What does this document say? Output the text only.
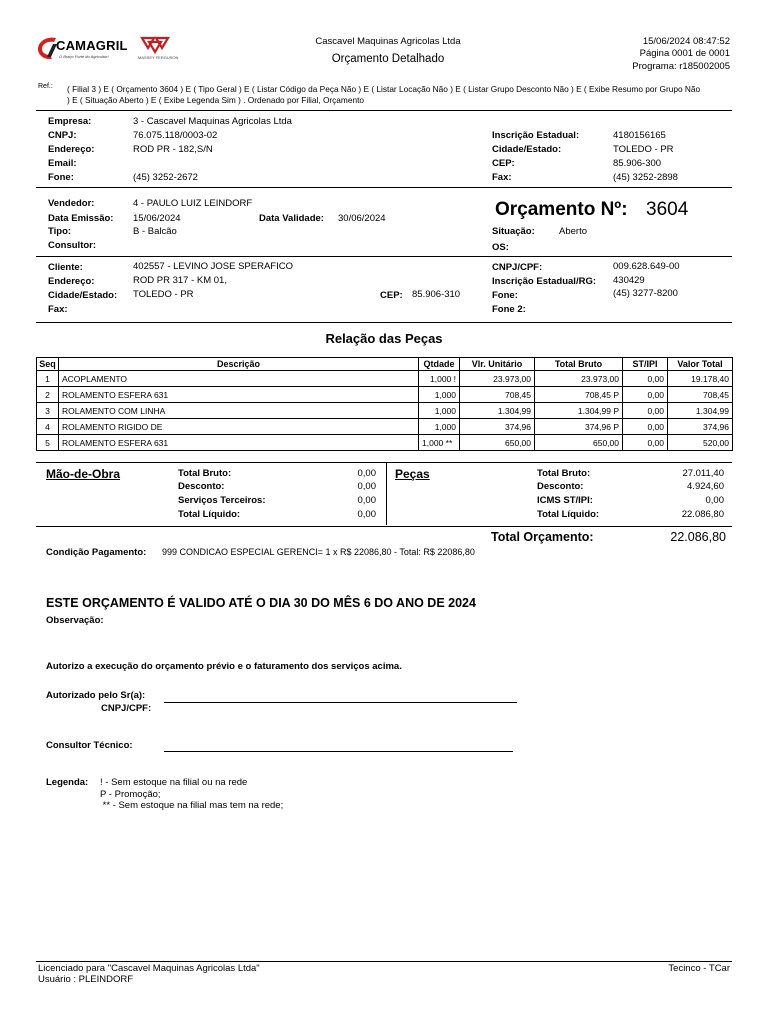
CAMAGRIL
O Braço Forte do Agricultor!	MASSEY FERGUSON
Cascavel Maquinas Agricolas Ltda
Orçamento Detalhado
15/06/2024 08:47:52
Página 0001 de 0001
Programa: r185002005
Ref.: ( Filial 3 ) E ( Orçamento 3604 ) E ( Tipo Geral ) E ( Listar Código da Peça Não ) E ( Listar Locação Não ) E ( Listar Grupo Desconto Não ) E ( Exibe Resumo por Grupo Não
) E ( Situação Aberto ) E ( Exibe Legenda Sim ) . Ordenado por Filial, Orçamento
Empresa:	3 - Cascavel Maquinas Agricolas Ltda
CNPJ:	76.075.118/0003-02
Endereço:	ROD PR - 182,S/N
Email:
Fone:	(45) 3252-2672
Inscrição Estadual:	4180156165
Cidade/Estado:	TOLEDO - PR
CEP:	85.906-300
Fax:	(45) 3252-2898
Vendedor:	4 - PAULO LUIZ LEINDORF
Data Emissão: 15/06/2024	Data Validade: 30/06/2024
Tipo:	B - Balcão
Consultor:
Orçamento Nº: 3604
Situação:	Aberto
OS:
Cliente:	402557 - LEVINO JOSE SPERAFICO
Endereço:	ROD PR 317 - KM 01,
Cidade/Estado: TOLEDO - PR
Fax:
CEP: 85.906-310
CNPJ/CPF:	009.628.649-00
Inscrição Estadual/RG: 430429
Fone:	(45) 3277-8200
Fone 2:
Relação das Peças
Seq	Descrição	Qtdade	Vlr. Unitário	Total Bruto	ST/IPI	Valor Total
1	ACOPLAMENTO	1,000 !	23.973,00	23.973,00	0,00	19.178,40
2	ROLAMENTO ESFERA 631	1,000	708,45	708,45 P	0,00	708,45
3	ROLAMENTO COM LINHA	1,000	1.304,99	1.304,99 P	0,00	1.304,99
4	ROLAMENTO RIGIDO DE	1,000	374,96	374,96 P	0,00	374,96
5	ROLAMENTO ESFERA 631	1,000 **	650,00	650,00	0,00	520,00
Mão-de-Obra	Total Bruto:	0,00
Desconto:	0,00
Serviços Terceiros:	0,00
Total Líquido:	0,00
Peças	Total Bruto:	27.011,40
Desconto:	4.924,60
ICMS ST/IPI:	0,00
Total Líquido:	22.086,80
Total Orçamento:	22.086,80
Condição Pagamento: 999 CONDICAO ESPECIAL GERENCI= 1 x R$ 22086,80 - Total: R$ 22086,80
ESTE ORÇAMENTO É VALIDO ATÉ O DIA 30 DO MÊS 6 DO ANO DE 2024
Observação:
Autorizo a execução do orçamento prévio e o faturamento dos serviços acima.
Autorizado pelo Sr(a):
CNPJ/CPF:
Consultor Técnico:
Legenda: ! - Sem estoque na filial ou na rede
P - Promoção;
** - Sem estoque na filial mas tem na rede;
Licenciado para "Cascavel Maquinas Agricolas Ltda"
Usuário : PLEINDORF
Tecinco - TCar
